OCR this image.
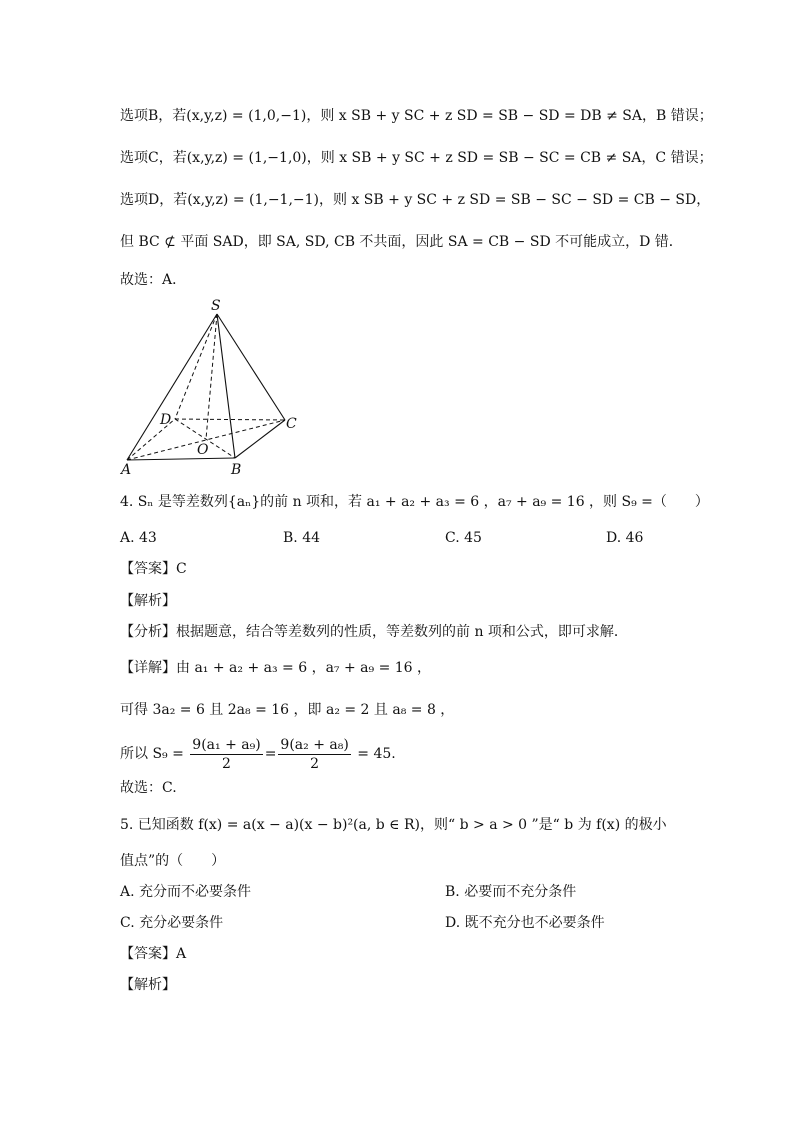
选项B，若(x,y,z) = (1,0,−1)，则 x SB + y SC + z SD = SB − SD = DB ≠ SA，B 错误；
选项C，若(x,y,z) = (1,−1,0)，则 x SB + y SC + z SD = SB − SC = CB ≠ SA，C 错误；
选项D，若(x,y,z) = (1,−1,−1)，则 x SB + y SC + z SD = SB − SC − SD = CB − SD，
但 BC ⊄ 平面 SAD，即 SA, SD, CB 不共面，因此 SA = CB − SD 不可能成立，D 错．
故选：A．
S
D	C
O
A	B
4. Sₙ 是等差数列{aₙ}的前 n 项和，若 a₁ + a₂ + a₃ = 6 ，a₇ + a₉ = 16 ，则 S₉ =（　　）
A. 43	B. 44	C. 45	D. 46
【答案】C
【解析】
【分析】根据题意，结合等差数列的性质，等差数列的前 n 项和公式，即可求解．
【详解】由 a₁ + a₂ + a₃ = 6 ，a₇ + a₉ = 16 ，
可得 3a₂ = 6 且 2a₈ = 16 ，即 a₂ = 2 且 a₈ = 8 ，
所以 $S_9 = \frac{\text{9(a₁ + a₉)}}{2} = \frac{\text{9(a₂ + a₈)}}{2} = 45$.
故选：C.
5. 已知函数 f(x) = a(x − a)(x − b)²(a, b ∈ R)，则“ b > a > 0 ”是“ b 为 f(x) 的极小
值点”的（　　）
A. 充分而不必要条件	B. 必要而不充分条件
C. 充分必要条件	D. 既不充分也不必要条件
【答案】A
【解析】
